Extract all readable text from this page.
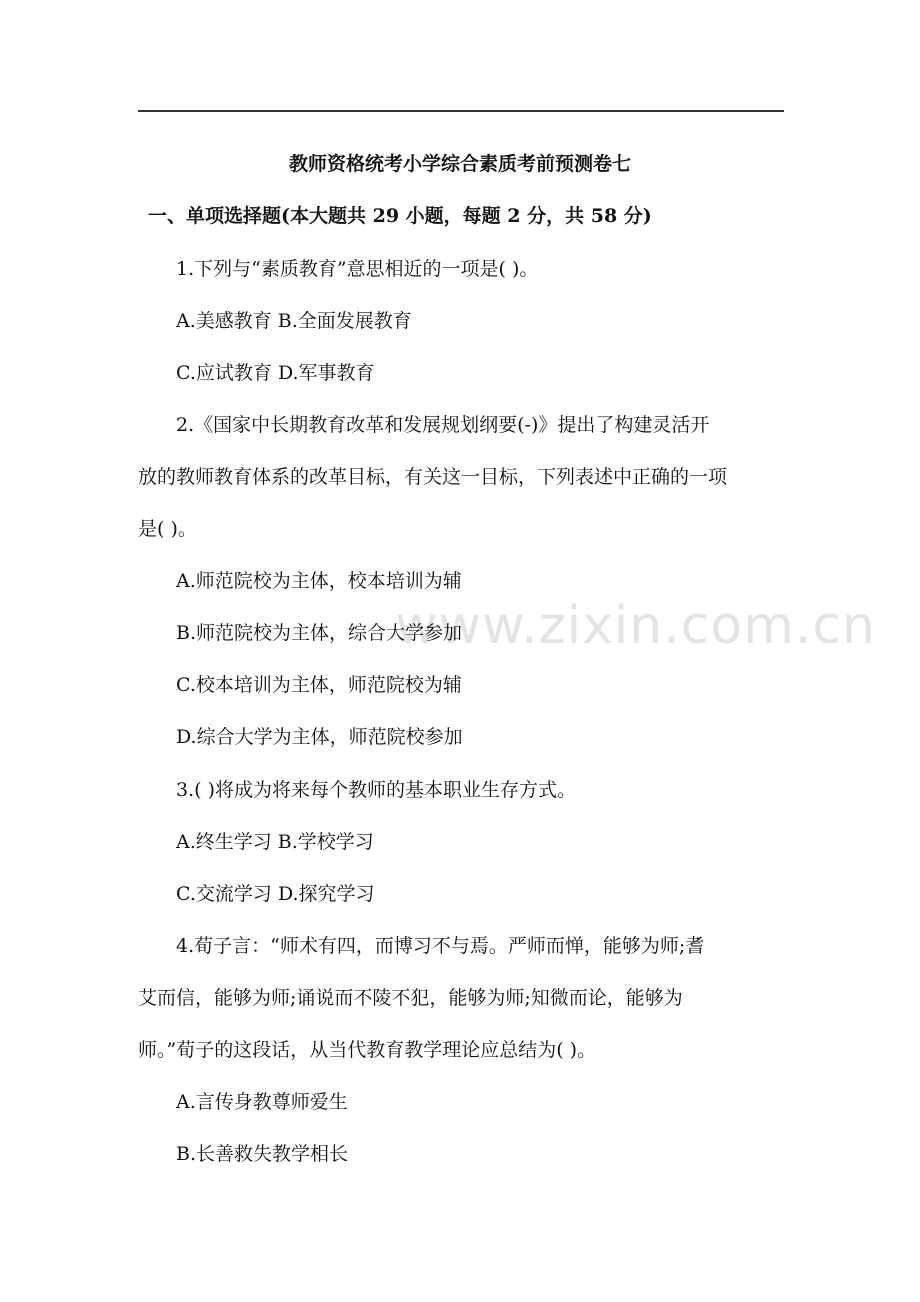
www.zixin.com.cn
教师资格统考小学综合素质考前预测卷七
一、单项选择题(本大题共 29 小题，每题 2 分，共 58 分)
1.下列与“素质教育”意思相近的一项是( )。
A.美感教育 B.全面发展教育
C.应试教育 D.军事教育
2.《国家中长期教育改革和发展规划纲要(-)》提出了构建灵活开
放的教师教育体系的改革目标，有关这一目标，下列表述中正确的一项
是( )。
A.师范院校为主体，校本培训为辅
B.师范院校为主体，综合大学参加
C.校本培训为主体，师范院校为辅
D.综合大学为主体，师范院校参加
3.( )将成为将来每个教师的基本职业生存方式。
A.终生学习 B.学校学习
C.交流学习 D.探究学习
4.荀子言：“师术有四，而博习不与焉。严师而惮，能够为师;耆
艾而信，能够为师;诵说而不陵不犯，能够为师;知微而论，能够为
师。”荀子的这段话，从当代教育教学理论应总结为( )。
A.言传身教尊师爱生
B.长善救失教学相长
